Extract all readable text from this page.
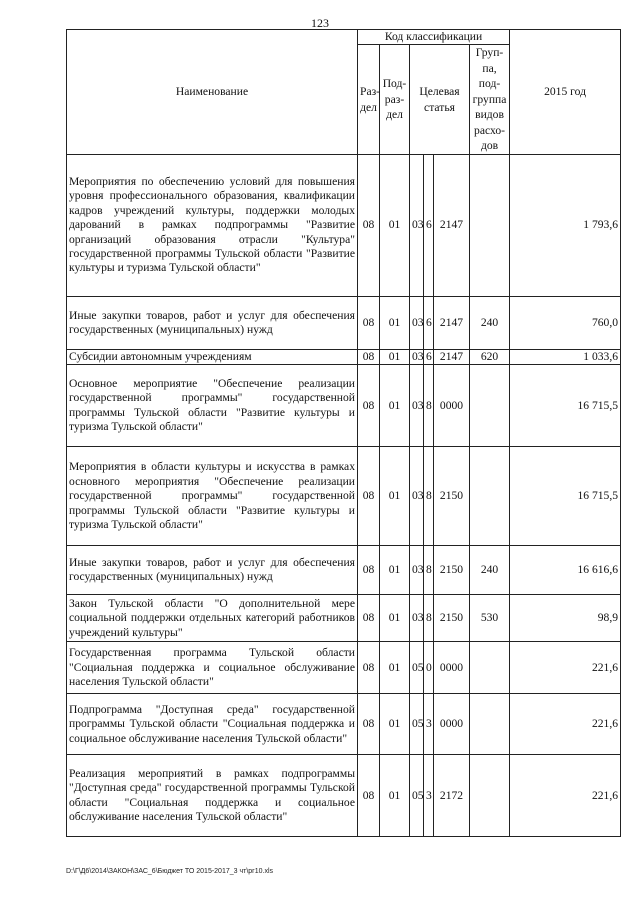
123
Наименование	Код классификации						2015 год
	Раз-дел	Под-раз-дел	Целевая статья			Груп-па, под-группа видов расхо-дов	
Мероприятия по обеспечению условий для повышения уровня профессионального образования, квалификации кадров учреждений культуры, поддержки молодых дарований в рамках подпрограммы "Развитие организаций образования отрасли "Культура" государственной программы Тульской области "Развитие культуры и туризма Тульской области"	08	01	03	6	2147		1 793,6
Иные закупки товаров, работ и услуг для обеспечения государственных (муниципальных) нужд	08	01	03	6	2147	240	760,0
Субсидии автономным учреждениям	08	01	03	6	2147	620	1 033,6
Основное мероприятие "Обеспечение реализации государственной программы" государственной программы Тульской области "Развитие культуры и туризма Тульской области"	08	01	03	8	0000		16 715,5
Мероприятия в области культуры и искусства в рамках основного мероприятия "Обеспечение реализации государственной программы" государственной программы Тульской области "Развитие культуры и туризма Тульской области"	08	01	03	8	2150		16 715,5
Иные закупки товаров, работ и услуг для обеспечения государственных (муниципальных) нужд	08	01	03	8	2150	240	16 616,6
Закон Тульской области "О дополнительной мере социальной поддержки отдельных категорий работников учреждений культуры"	08	01	03	8	2150	530	98,9
Государственная программа Тульской области "Социальная поддержка и социальное обслуживание населения Тульской области"	08	01	05	0	0000		221,6
Подпрограмма "Доступная среда" государственной программы Тульской области "Социальная поддержка и социальное обслуживание населения Тульской области"	08	01	05	3	0000		221,6
Реализация мероприятий в рамках подпрограммы "Доступная среда" государственной программы Тульской области "Социальная поддержка и социальное обслуживание населения Тульской области"	08	01	05	3	2172		221,6
D:\Г\Д6\2014\ЗАКОН\ЗАС_6\Бюджет ТО 2015-2017_3 чт\рг10.xls
